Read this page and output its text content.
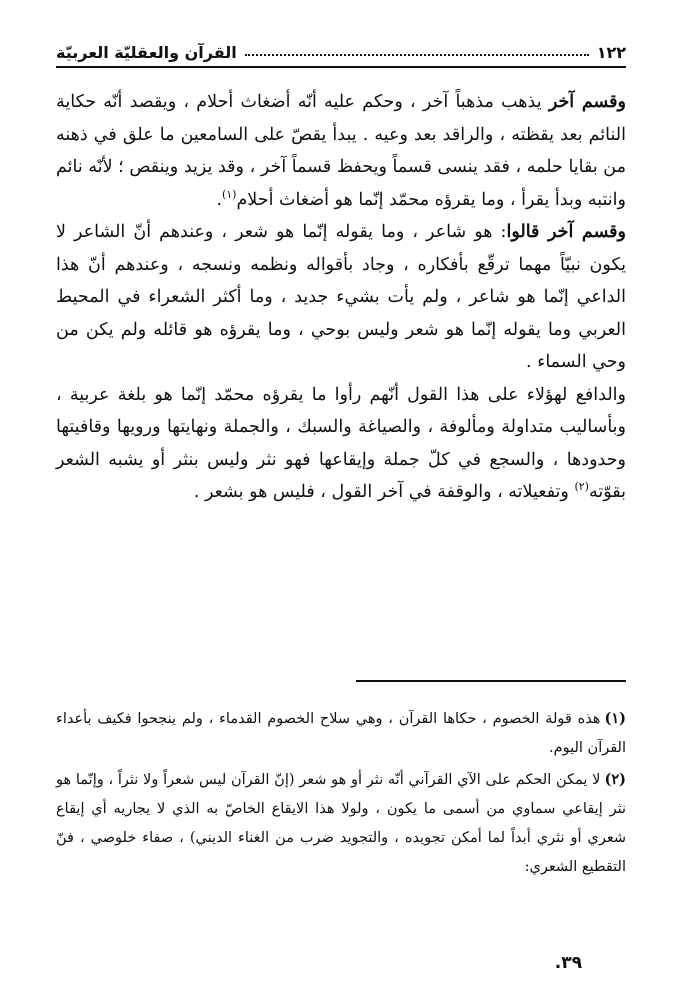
١٢٢
القرآن والعقليّة العربيّة

وقسم آخر يذهب مذهباً آخر ، وحكم عليه أنّه أضغاث أحلام ، ويقصد أنّه حكاية النائم بعد يقظته ، والراقد بعد وعيه . يبدأ يقصّ على السامعين ما علق في ذهنه من بقايا حلمه ، فقد ينسى قسماً ويحفظ قسماً آخر ، وقد يزيد وينقص ؛ لأنّه نائم وانتبه وبدأ يقرأ ، وما يقرؤه محمّد إنّما هو أضغاث أحلام$^{(١)}$.

وقسم آخر قالوا: هو شاعر ، وما يقوله إنّما هو شعر ، وعندهم أنّ الشاعر لا يكون نبيّاً مهما ترقّع بأفكاره ، وجاد بأقواله ونظمه ونسجه ، وعندهم أنّ هذا الداعي إنّما هو شاعر ، ولم يأت بشيء جديد ، وما أكثر الشعراء في المحيط العربي وما يقوله إنّما هو شعر وليس بوحي ، وما يقرؤه هو قائله ولم يكن من وحي السماء .

والدافع لهؤلاء على هذا القول أنّهم رأوا ما يقرؤه محمّد إنّما هو بلغة عربية ، وبأساليب متداولة ومألوفة ، والصياغة والسبك ، والجملة ونهايتها ورويها وقافيتها وحدودها ، والسجع في كلّ جملة وإيقاعها فهو نثر وليس بنثر أو يشبه الشعر بقوّته$^{(٢)}$ وتفعيلاته ، والوقفة في آخر القول ، فليس هو بشعر .

(١)هذه قولة الخصوم ، حكاها القرآن ، وهي سلاح الخصوم القدماء ، ولم ينجحوا فكيف بأعداء القرآن اليوم.

(٢)لا يمكن الحكم على الآي القرآني أنّه نثر أو هو شعر (إنّ القرآن ليس شعراً ولا نثراً ، وإنّما هو نثر إيقاعي سماوي من أسمى ما يكون ، ولولا هذا الايقاع الخاصّ به الذي لا يجاريه أي إيقاع شعري أو نثري أبداً لما أمكن تجويده ، والتجويد ضرب من الغناء الديني) ، صفاء خلوصي ، فنّ التقطيع الشعري:

٣٩.
